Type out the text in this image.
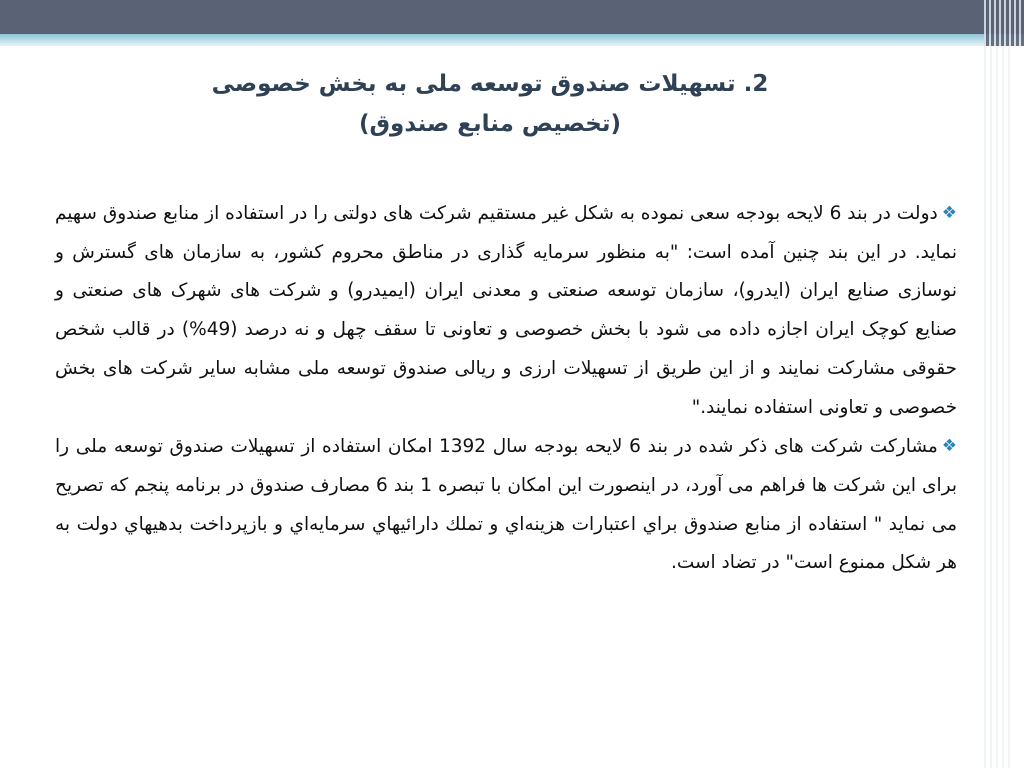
2. تسهیلات صندوق توسعه ملی به بخش خصوصی
(تخصیص منابع صندوق)

❖دولت در بند 6 لایحه بودجه سعی نموده به شکل غیر مستقیم شرکت های دولتی را در استفاده از منابع صندوق سهیم نماید. در این بند چنین آمده است: "به منظور سرمایه گذاری در مناطق محروم کشور، به سازمان های گسترش و نوسازی صنایع ایران (ایدرو)، سازمان توسعه صنعتی و معدنی ایران (ایمیدرو) و شرکت های شهرک های صنعتی و صنایع کوچک ایران اجازه داده می شود با بخش خصوصی و تعاونی تا سقف چهل و نه درصد (49%) در قالب شخص حقوقی مشارکت نمایند و از این طریق از تسهیلات ارزی و ریالی صندوق توسعه ملی مشابه سایر شرکت های بخش خصوصی و تعاونی استفاده نمایند."

❖مشارکت شرکت های ذکر شده در بند 6 لایحه بودجه سال 1392 امکان استفاده از تسهیلات صندوق توسعه ملی را برای این شرکت ها فراهم می آورد، در اینصورت این امکان با تبصره 1 بند 6 مصارف صندوق در برنامه پنجم که تصریح می نماید " استفاده از منابع صندوق براي اعتبارات هزینه‌اي و تملك دارائيهاي سرمایه‌اي و بازپرداخت بدهيهاي دولت به هر شكل ممنوع است" در تضاد است.
